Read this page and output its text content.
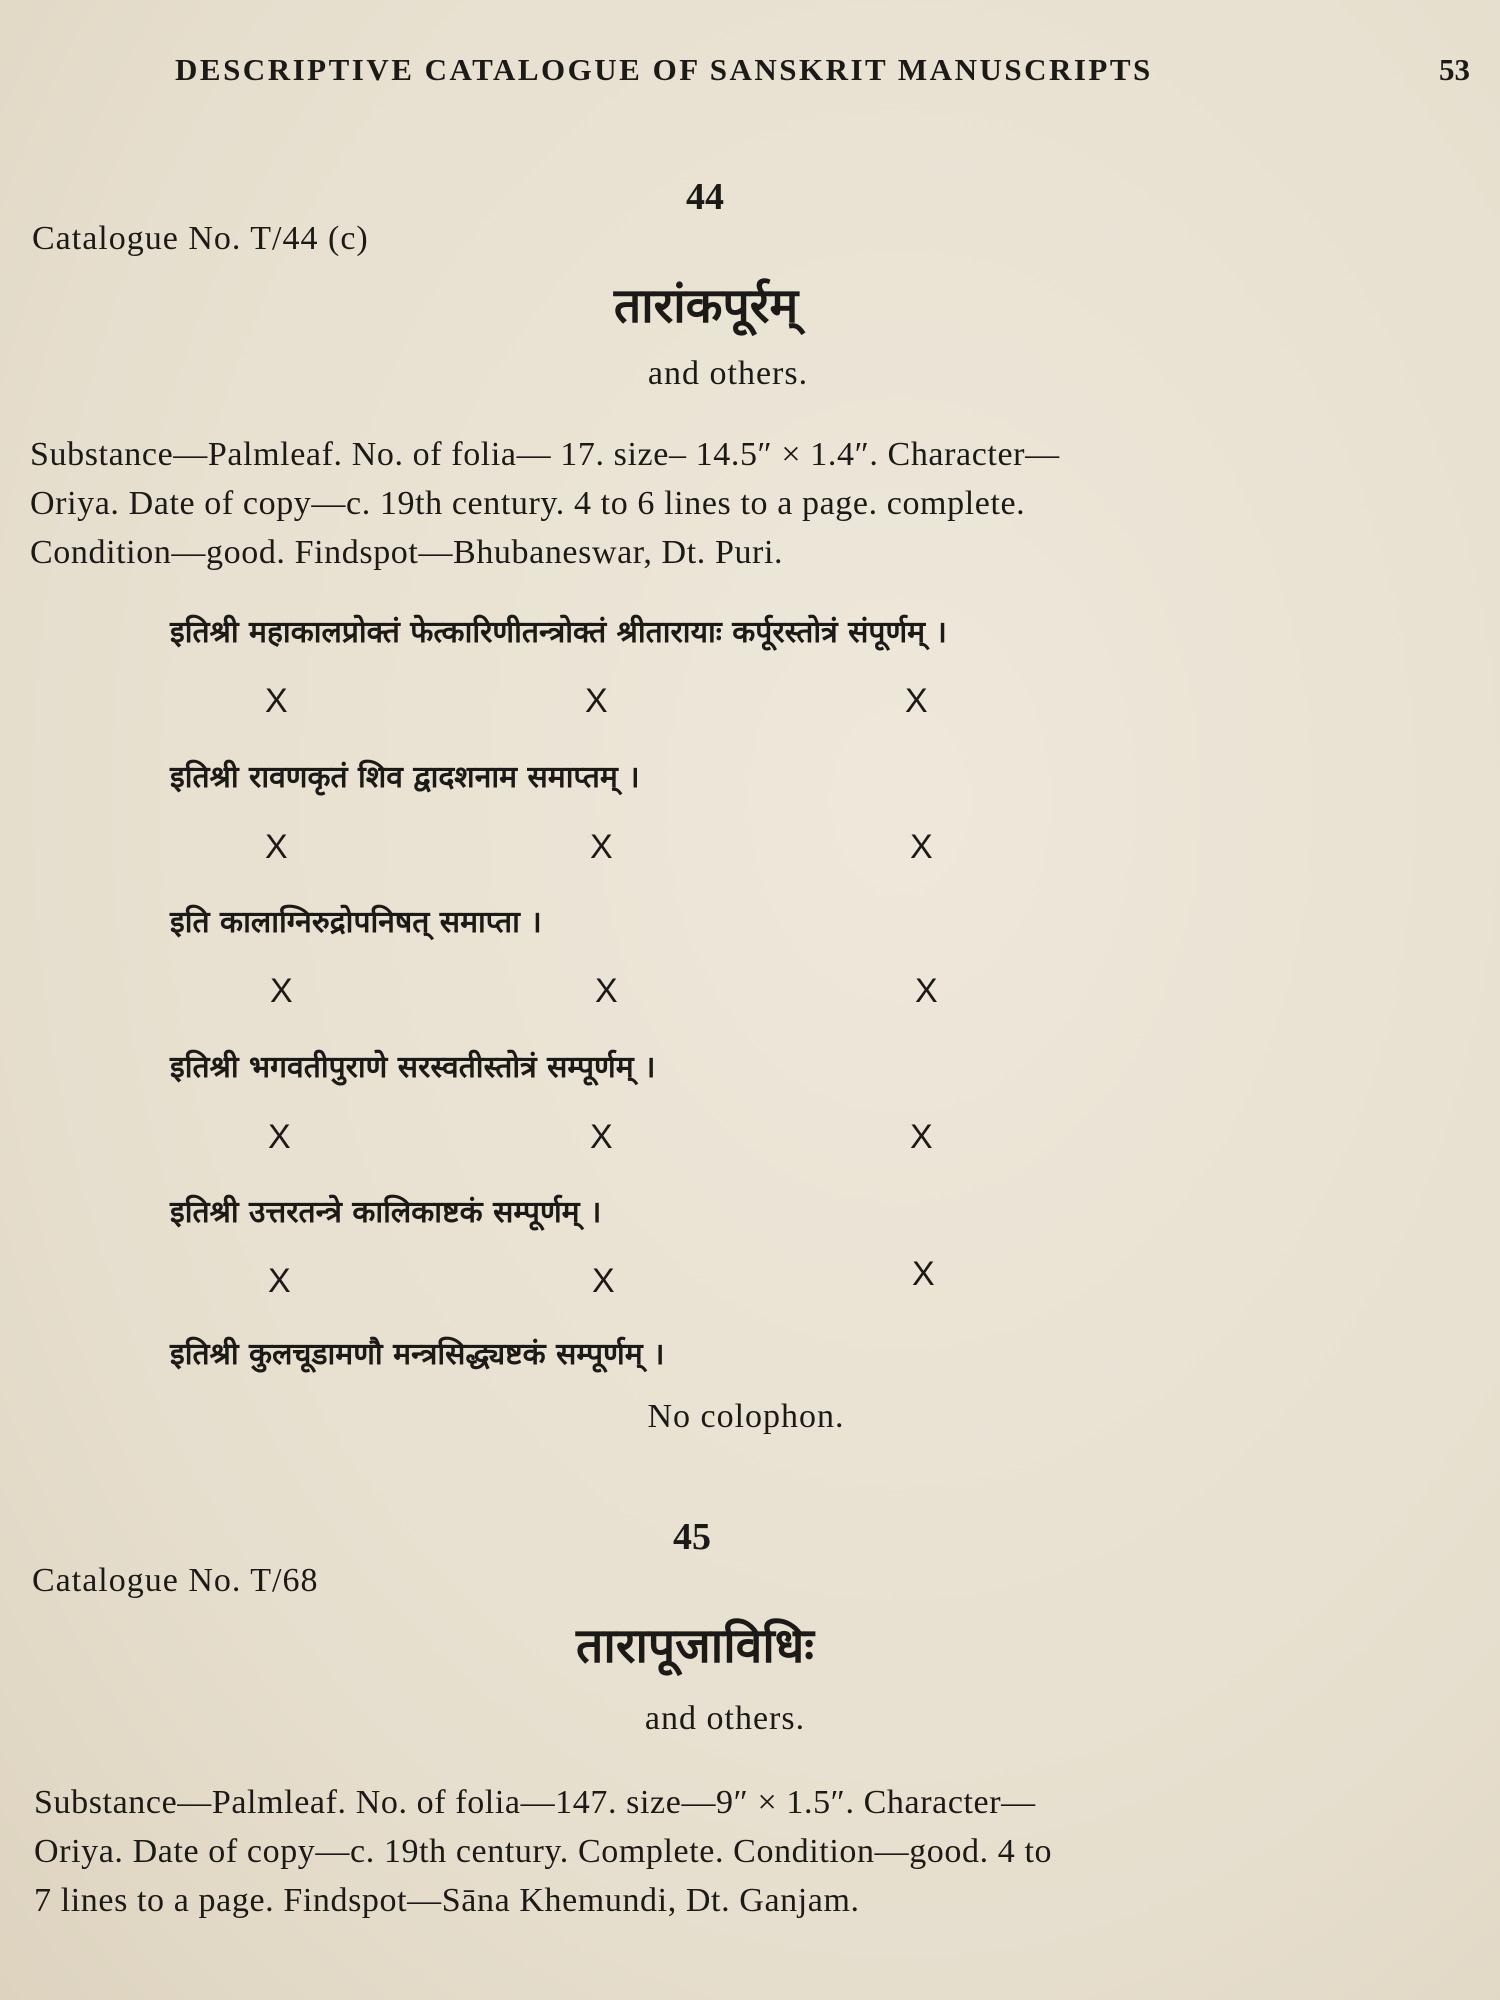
DESCRIPTIVE CATALOGUE OF SANSKRIT MANUSCRIPTS	53
44
Catalogue No. T/44 (c)
तारांकपूर्रम्
and others.

Substance—Palmleaf. No. of folia— 17. size– 14.5″ × 1.4″. Character—

Oriya. Date of copy—c. 19th century. 4 to 6 lines to a page. complete.

Condition—good. Findspot—Bhubaneswar, Dt. Puri.

इतिश्री महाकालप्रोक्तं फेत्कारिणीतन्त्रोक्तं श्रीतारायाः कर्पूरस्तोत्रं संपूर्णम् ।
X	X	X
इतिश्री रावणकृतं शिव द्वादशनाम समाप्तम् ।
X	X	X
इति कालाग्निरुद्रोपनिषत् समाप्ता ।
X	X	X
इतिश्री भगवतीपुराणे सरस्वतीस्तोत्रं सम्पूर्णम् ।
X	X	X
इतिश्री उत्तरतन्त्रे कालिकाष्टकं सम्पूर्णम् ।
X	X	X
इतिश्री कुलचूडामणौ मन्त्रसिद्ध्यष्टकं सम्पूर्णम् ।
No colophon.
45
Catalogue No. T/68
तारापूजाविधिः
and others.

Substance—Palmleaf. No. of folia—147. size—9″ × 1.5″. Character—

Oriya. Date of copy—c. 19th century. Complete. Condition—good. 4 to

7 lines to a page. Findspot—Sāna Khemundi, Dt. Ganjam.
